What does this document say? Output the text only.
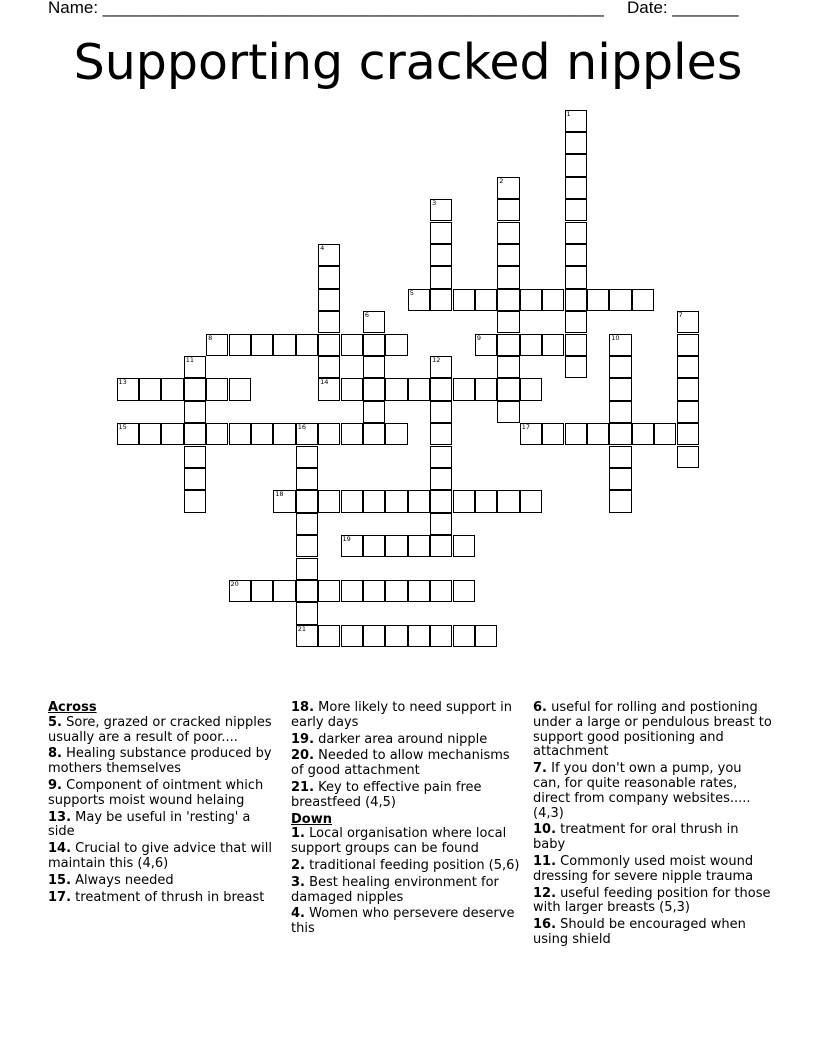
Name: _____________________________________________________ Date: _______
Supporting cracked nipples
1
2
3
4
5
6	7
8	9	10
11	12
13	14
15	16
21
17
18
19
20
Across
5. Sore, grazed or cracked nipples usually are a result of poor....
8. Healing substance produced by mothers themselves
9. Component of ointment which supports moist wound helaing
13. May be useful in 'resting' a side
14. Crucial to give advice that will maintain this (4,6)
15. Always needed
17. treatment of thrush in breast
18. More likely to need support in early days
19. darker area around nipple
20. Needed to allow mechanisms of good attachment
21. Key to effective pain free breastfeed (4,5)
Down
1. Local organisation where local support groups can be found
2. traditional feeding position (5,6)
3. Best healing environment for damaged nipples
4. Women who persevere deserve this
6. useful for rolling and postioning under a large or pendulous breast to support good positioning and attachment
7. If you don't own a pump, you can, for quite reasonable rates, direct from company websites.....(4,3)
10. treatment for oral thrush in baby
11. Commonly used moist wound dressing for severe nipple trauma
12. useful feeding position for those with larger breasts (5,3)
16. Should be encouraged when using shield
